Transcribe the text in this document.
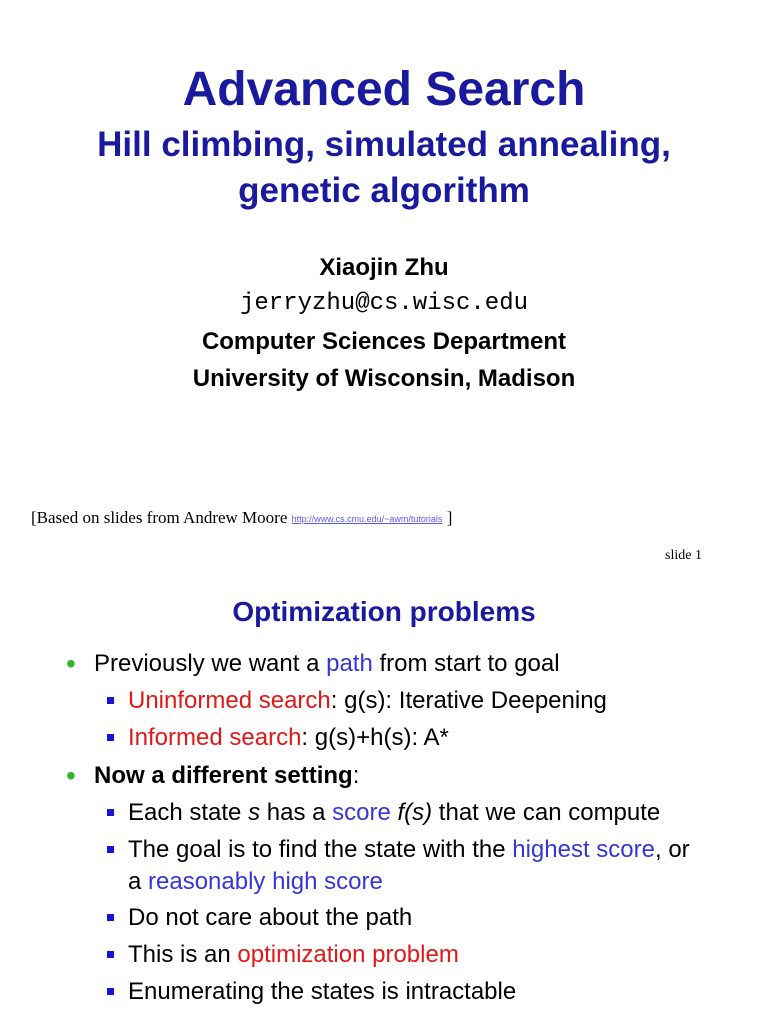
Advanced Search
Hill climbing, simulated annealing,
genetic algorithm
Xiaojin Zhu
jerryzhu@cs.wisc.edu
Computer Sciences Department
University of Wisconsin, Madison
[Based on slides from Andrew Moore http://www.cs.cmu.edu/~awm/tutorials ]
slide 1
Optimization problems
• Previously we want a path from start to goal
Uninformed search: g(s): Iterative Deepening
Informed search: g(s)+h(s): A*
• Now a different setting:
Each state s has a score f(s) that we can compute
The goal is to find the state with the highest score, or
a reasonably high score
Do not care about the path
This is an optimization problem
Enumerating the states is intractable
